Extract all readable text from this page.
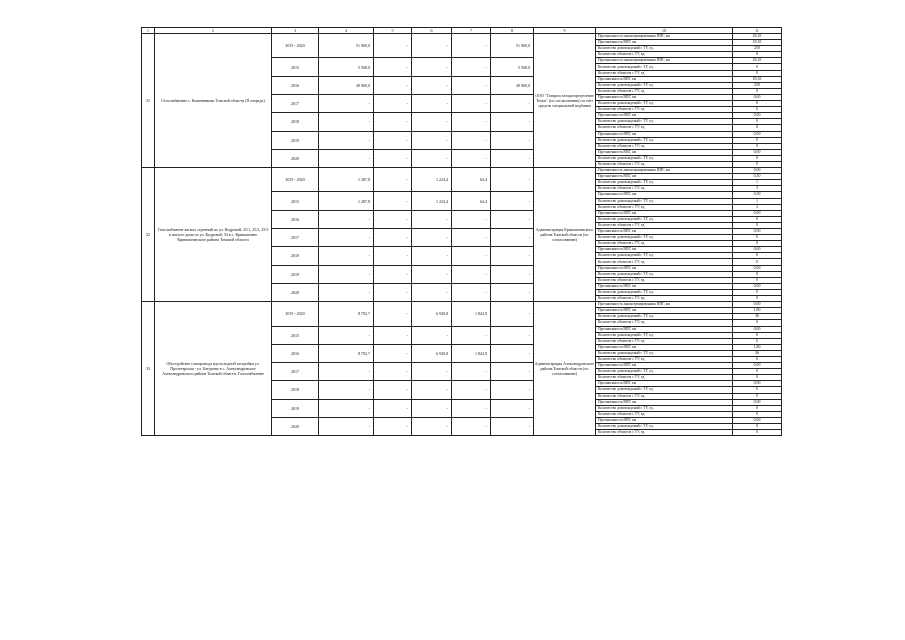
1	2	3	4	5	6	7	8	9	10	11
31	Газоснабжение с. Кожевниково Томской области (II очередь)	2015 - 2020	51 000,0	-	-	-	51 000,0	ООО "Газпром газораспределение Томск" (по согласованию) за счет средств специальной надбавки	Протяженность законсервированных ВПГ, км	18,35
									Протяженность ВПГ, км	18,35
									Количество домовладений с ТУ, ед.	250
									Количество объектов с ТУ, ед.	0
		2015	5 500,0	-	-	-	5 500,0		Протяженность законсервированных ВПГ, км	18,35
									Количество домовладений с ТУ, ед.	0
									Количество объектов с ТУ, ед.	0
		2016	49 000,0	-	-	-	49 000,0		Протяженность ВПГ, км	18,35
									Количество домовладений с ТУ, ед.	250
									Количество объектов с ТУ, ед.	0
		2017	-	-	-	-	-		Протяженность ВПГ, км	0,00
									Количество домовладений с ТУ, ед.	0
									Количество объектов с ТУ, ед.	0
		2018	-	-	-	-	-		Протяженность ВПГ, км	0,00
									Количество домовладений с ТУ, ед.	0
									Количество объектов с ТУ, ед.	0
		2019	-	-	-	-	-		Протяженность ВПГ, км	0,00
									Количество домовладений с ТУ, ед.	0
									Количество объектов с ТУ, ед.	0
		2020	-	-	-	-	-		Протяженность ВПГ, км	0,00
									Количество домовладений с ТУ, ед.	0
									Количество объектов с ТУ, ед.	0
32	Газоснабжение жилых строений по ул. Кедровой, 25/1, 25/2, 25/3 и жилого дома по ул. Кедровой, 34 в с. Кривошеино Кривошеинского района Томской области	2015 - 2020	1 287,8	-	1 223,4	64,4	-	Администрация Кривошеинского района Томской области (по согласованию)	Протяженность законсервированных ВПГ, км	0,00
									Протяженность ВПГ, км	0,30
									Количество домовладений с ТУ, ед.	1
									Количество объектов с ТУ, ед.	3
		2015	1 287,8	-	1 223,4	64,4	-		Протяженность ВПГ, км	0,30
									Количество домовладений с ТУ, ед.	1
									Количество объектов с ТУ, ед.	3
		2016	-	-	-	-	-		Протяженность ВПГ, км	0,00
									Количество домовладений с ТУ, ед.	0
									Количество объектов с ТУ, ед.	0
		2017	-	-	-	-	-		Протяженность ВПГ, км	0,00
									Количество домовладений с ТУ, ед.	0
									Количество объектов с ТУ, ед.	0
		2018	-	-	-	-	-		Протяженность ВПГ, км	0,00
									Количество домовладений с ТУ, ед.	0
									Количество объектов с ТУ, ед.	0
		2019	-	-	-	-	-		Протяженность ВПГ, км	0,00
									Количество домовладений с ТУ, ед.	0
									Количество объектов с ТУ, ед.	0
		2020	-	-	-	-	-		Протяженность ВПГ, км	0,00
									Количество домовладений с ТУ, ед.	0
									Количество объектов с ТУ, ед.	0
33	Обустройство газопровода вдоль водной застройки ул. Пролетарская - ул. Батурина в с. Александровское Александровского района Томской области. Газоснабжение	2015 - 2020	8 792,7	-	6 949,8	1 842,9	-	Администрация Александровского района Томской области (по согласованию)	Протяженность законсервированных ВПГ, км	0,00
									Протяженность ВПГ, км	1,80
									Количество домовладений с ТУ, ед.	36
									Количество объектов с ТУ, ед.	0
		2015	-	-	-	-	-		Протяженность ВПГ, км	0,00
									Количество домовладений с ТУ, ед.	0
									Количество объектов с ТУ, ед.	0
		2016	8 792,7	-	6 949,8	1 842,9	-		Протяженность ВПГ, км	1,80
									Количество домовладений с ТУ, ед.	36
									Количество объектов с ТУ, ед.	0
		2017	-	-	-	-	-		Протяженность ВПГ, км	0,00
									Количество домовладений с ТУ, ед.	0
									Количество объектов с ТУ, ед.	0
		2018	-	-	-	-	-		Протяженность ВПГ, км	0,00
									Количество домовладений с ТУ, ед.	0
									Количество объектов с ТУ, ед.	0
		2019	-	-	-	-	-		Протяженность ВПГ, км	0,00
									Количество домовладений с ТУ, ед.	0
									Количество объектов с ТУ, ед.	0
		2020	-	-	-	-	-		Протяженность ВПГ, км	0,00
									Количество домовладений с ТУ, ед.	0
									Количество объектов с ТУ, ед.	0
